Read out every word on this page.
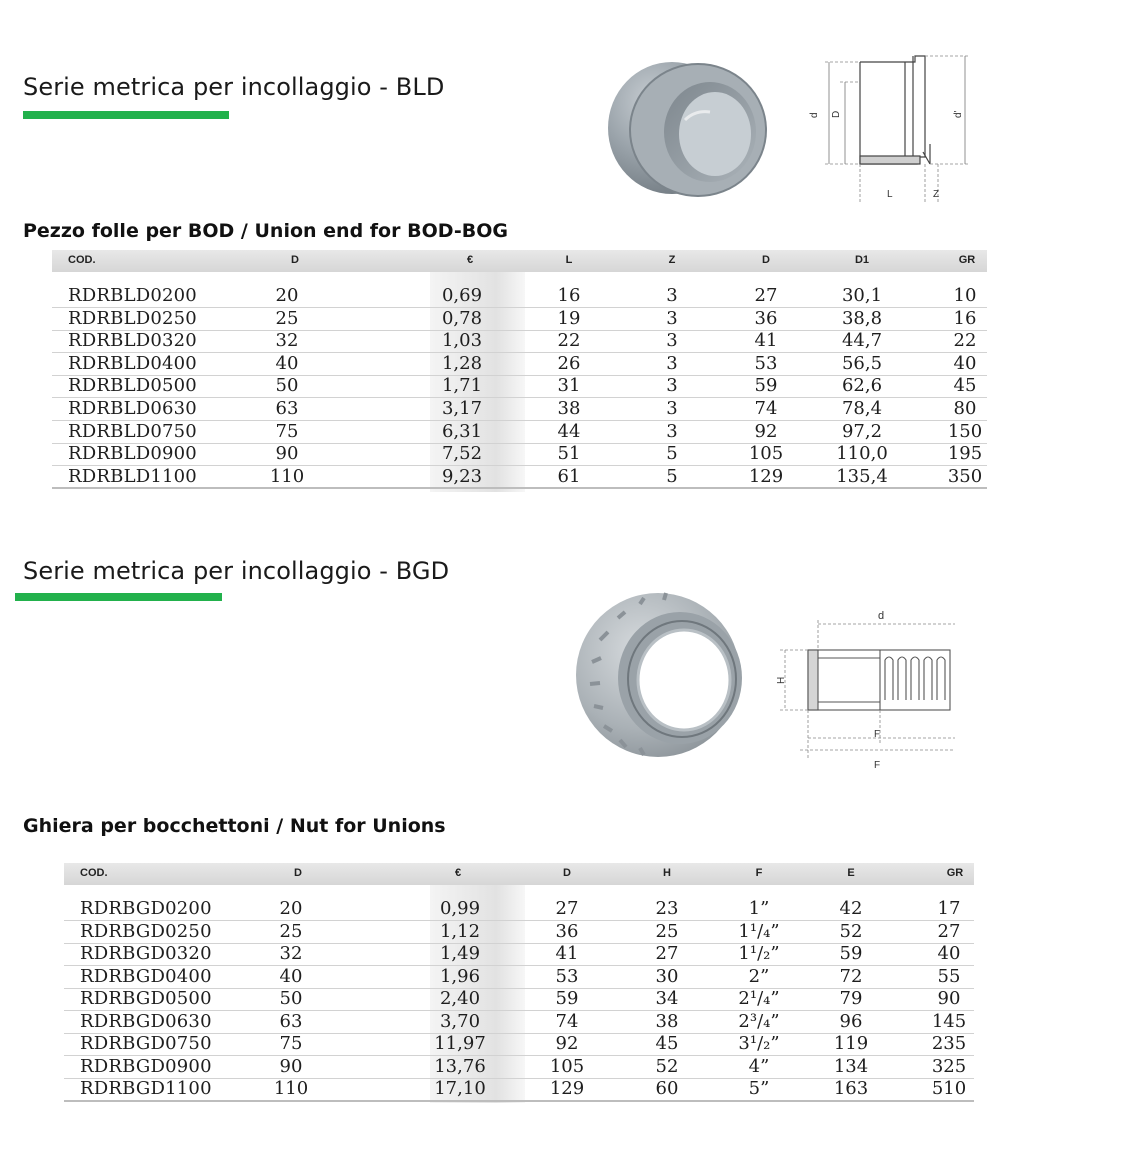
Serie metrica per incollaggio - BLD
d D	d'
L	Z
Pezzo folle per BOD / Union end for BOD-BOG
COD.	D	€	L	Z	D	D1	GR
RDRBLD0200	20	0,69	16	3	27	30,1	10
RDRBLD0250	25	0,78	19	3	36	38,8	16
RDRBLD0320	32	1,03	22	3	41	44,7	22
RDRBLD0400	40	1,28	26	3	53	56,5	40
RDRBLD0500	50	1,71	31	3	59	62,6	45
RDRBLD0630	63	3,17	38	3	74	78,4	80
RDRBLD0750	75	6,31	44	3	92	97,2	150
RDRBLD0900	90	7,52	51	5	105	110,0	195
RDRBLD1100	110	9,23	61	5	129	135,4	350
Serie metrica per incollaggio - BGD
d
H
F
F
Ghiera per bocchettoni / Nut for Unions
COD.	D	€	D	H	F	E	GR
RDRBGD0200	20	0,99	27	23	1”	42	17
RDRBGD0250	25	1,12	36	25	1¹/₄”	52	27
RDRBGD0320	32	1,49	41	27	1¹/₂”	59	40
RDRBGD0400	40	1,96	53	30	2”	72	55
RDRBGD0500	50	2,40	59	34	2¹/₄”	79	90
RDRBGD0630	63	3,70	74	38	2³/₄”	96	145
RDRBGD0750	75	11,97	92	45	3¹/₂”	119	235
RDRBGD0900	90	13,76	105	52	4”	134	325
RDRBGD1100	110	17,10	129	60	5”	163	510
